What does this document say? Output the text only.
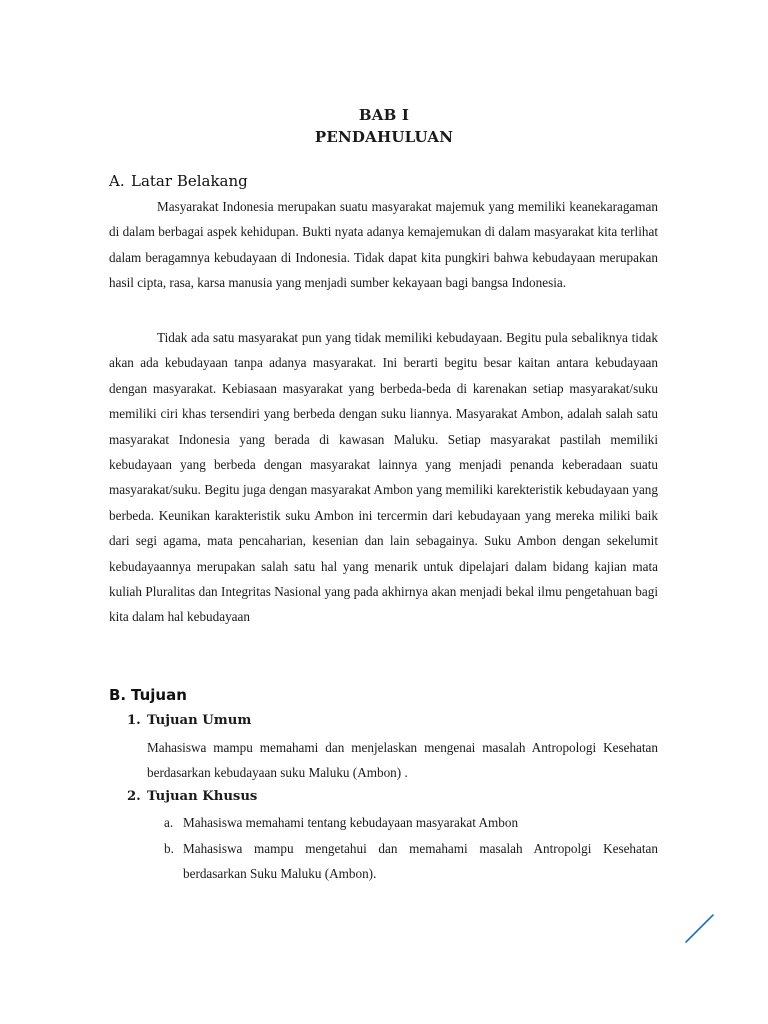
BAB I
PENDAHULUAN
A. Latar Belakang

Masyarakat Indonesia merupakan suatu masyarakat majemuk yang memiliki keanekaragaman di dalam berbagai aspek kehidupan. Bukti nyata adanya kemajemukan di dalam masyarakat kita terlihat dalam beragamnya kebudayaan di Indonesia. Tidak dapat kita pungkiri bahwa kebudayaan merupakan hasil cipta, rasa, karsa manusia yang menjadi sumber kekayaan bagi bangsa Indonesia.

Tidak ada satu masyarakat pun yang tidak memiliki kebudayaan. Begitu pula sebaliknya tidak akan ada kebudayaan tanpa adanya masyarakat. Ini berarti begitu besar kaitan antara kebudayaan dengan masyarakat. Kebiasaan masyarakat yang berbeda-beda di karenakan setiap masyarakat/suku memiliki ciri khas tersendiri yang berbeda dengan suku liannya. Masyarakat Ambon, adalah salah satu masyarakat Indonesia yang berada di kawasan Maluku. Setiap masyarakat pastilah memiliki kebudayaan yang berbeda dengan masyarakat lainnya yang menjadi penanda keberadaan suatu masyarakat/suku. Begitu juga dengan masyarakat Ambon yang memiliki karekteristik kebudayaan yang berbeda. Keunikan karakteristik suku Ambon ini tercermin dari kebudayaan yang mereka miliki baik dari segi agama, mata pencaharian, kesenian dan lain sebagainya. Suku Ambon dengan sekelumit kebudayaannya merupakan salah satu hal yang menarik untuk dipelajari dalam bidang kajian mata kuliah Pluralitas dan Integritas Nasional yang pada akhirnya akan menjadi bekal ilmu pengetahuan bagi kita dalam hal kebudayaan

B. Tujuan
1. Tujuan Umum

Mahasiswa mampu memahami dan menjelaskan mengenai masalah Antropologi Kesehatan berdasarkan kebudayaan suku Maluku (Ambon) .

2. Tujuan Khusus
a. Mahasiswa memahami tentang kebudayaan masyarakat Ambon
b. Mahasiswa mampu mengetahui dan memahami masalah Antropolgi Kesehatan berdasarkan Suku Maluku (Ambon).
